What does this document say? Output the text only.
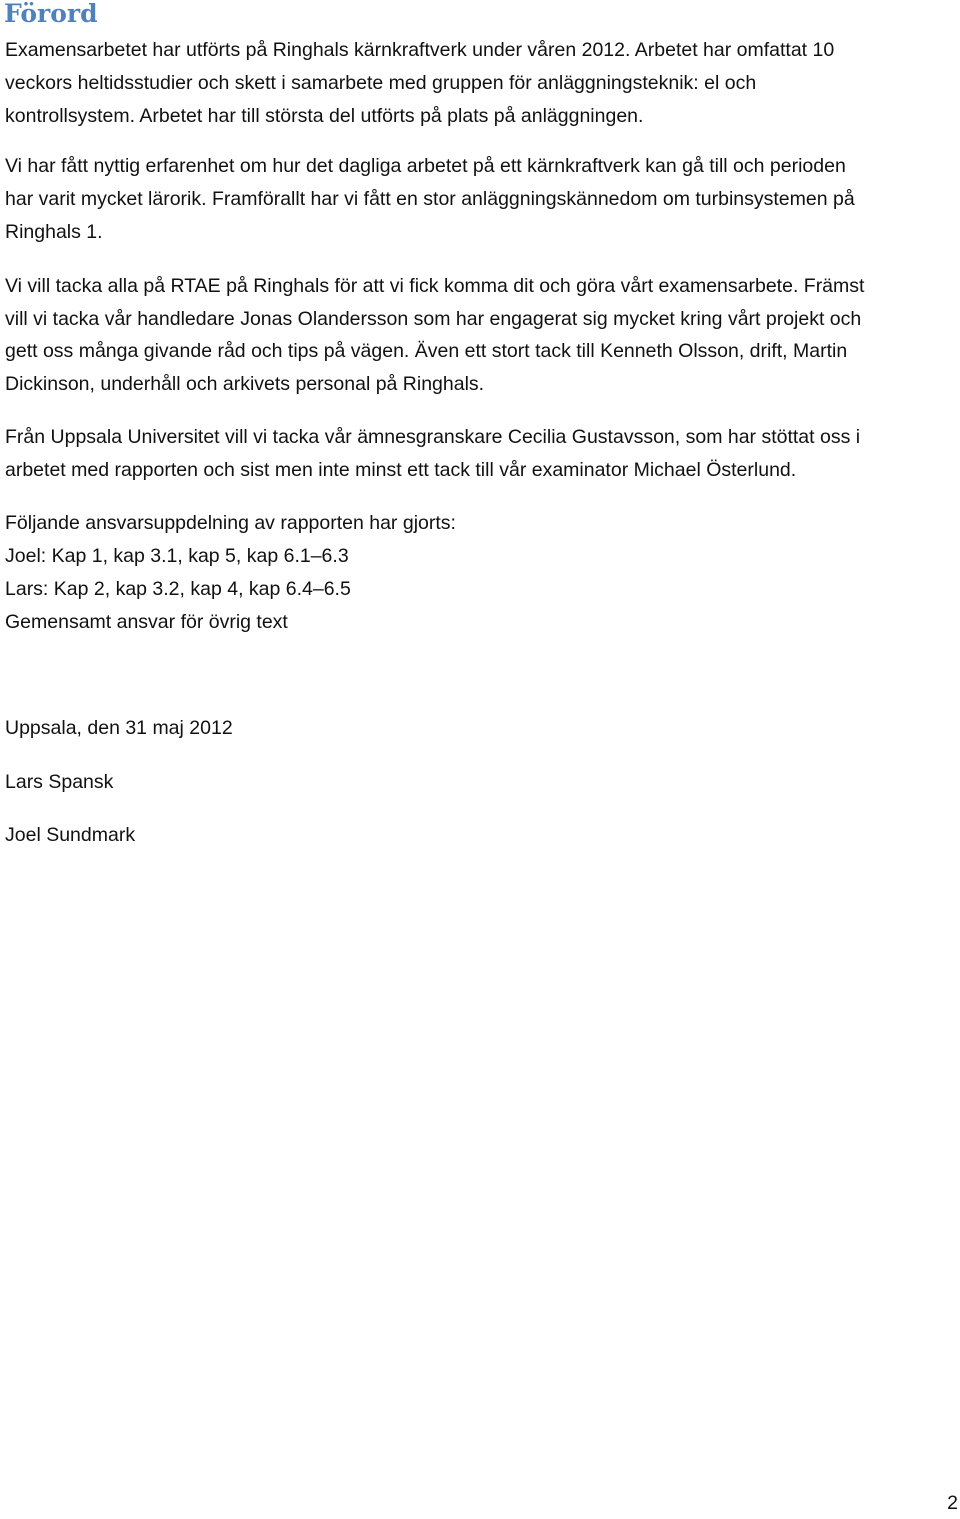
Förord

Examensarbetet har utförts på Ringhals kärnkraftverk under våren 2012. Arbetet har omfattat 10
veckors heltidsstudier och skett i samarbete med gruppen för anläggningsteknik: el och
kontrollsystem. Arbetet har till största del utförts på plats på anläggningen.

Vi har fått nyttig erfarenhet om hur det dagliga arbetet på ett kärnkraftverk kan gå till och perioden
har varit mycket lärorik. Framförallt har vi fått en stor anläggningskännedom om turbinsystemen på
Ringhals 1.

Vi vill tacka alla på RTAE på Ringhals för att vi fick komma dit och göra vårt examensarbete. Främst
vill vi tacka vår handledare Jonas Olandersson som har engagerat sig mycket kring vårt projekt och
gett oss många givande råd och tips på vägen. Även ett stort tack till Kenneth Olsson, drift, Martin
Dickinson, underhåll och arkivets personal på Ringhals.

Från Uppsala Universitet vill vi tacka vår ämnesgranskare Cecilia Gustavsson, som har stöttat oss i
arbetet med rapporten och sist men inte minst ett tack till vår examinator Michael Österlund.

Följande ansvarsuppdelning av rapporten har gjorts:
Joel: Kap 1, kap 3.1, kap 5, kap 6.1–6.3
Lars: Kap 2, kap 3.2, kap 4, kap 6.4–6.5
Gemensamt ansvar för övrig text

Uppsala, den 31 maj 2012

Lars Spansk

Joel Sundmark

2
